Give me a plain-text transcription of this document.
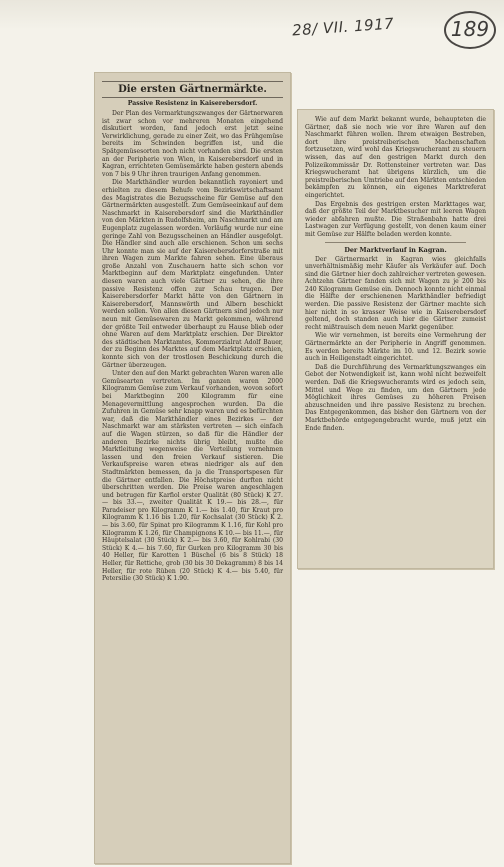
28/ VII. 1917	189
Die ersten Gärtnermärkte.
Passive Resistenz in Kaiserebersdorf.

Der Plan des Vermarktungszwanges der Gärtnerwaren ist zwar schon vor mehreren Monaten eingehend diskutiert worden, fand jedoch erst jetzt seine Verwirklichung, gerade zu einer Zeit, wo das Frühgemüse bereits im Schwinden begriffen ist, und die Spätgemüsesorten noch nicht vorhanden sind. Die ersten an der Peripherie von Wien, in Kaiserebersdorf und in Kagran, errichteten Gemüsemärkte haben gestern abends von 7 bis 9 Uhr ihren traurigen Anfang genommen.

Die Markthändler wurden bekanntlich rayoniert und erhielten zu diesem Behufe vom Bezirkswirtschaftsamt des Magistrates die Bezugsscheine für Gemüse auf den Gärtnermärkten ausgestellt. Zum Gemüseeinkauf auf dem Naschmarkt in Kaiserebersdorf sind die Markthändler von den Märkten in Rudolfsheim, am Naschmarkt und am Eugenplatz zugelassen worden. Vorläufig wurde nur eine geringe Zahl von Bezugsscheinen an Händler ausgefolgt. Die Händler sind auch alle erschienen. Schon um sechs Uhr konnte man sie auf der Kaiserebersdorferstraße mit ihren Wagen zum Markte fahren sehen. Eine überaus große Anzahl von Zuschauern hatte sich schon vor Marktbeginn auf dem Marktplatz eingefunden. Unter diesen waren auch viele Gärtner zu sehen, die ihre passive Resistenz offen zur Schau trugen. Der Kaiserebersdorfer Markt hätte von den Gärtnern in Kaiserebersdorf, Mannswörth und Albern beschickt werden sollen. Von allen diesen Gärtnern sind jedoch nur neun mit Gemüsewaren zu Markt gekommen, während der größte Teil entweder überhaupt zu Hause blieb oder ohne Waren auf dem Marktplatz erschien. Der Direktor des städtischen Marktamtes, Kommerzialrat Adolf Bauer, der zu Beginn des Marktes auf dem Marktplatz erschien, konnte sich von der trostlosen Beschickung durch die Gärtner überzeugen.

Unter den auf den Markt gebrachten Waren waren alle Gemüsearten vertreten. Im ganzen waren 2000 Kilogramm Gemüse zum Verkauf vorhanden, wovon sofort bei Marktbeginn 200 Kilogramm für eine Menagevermittlung angesprochen wurden. Da die Zufuhren in Gemüse sehr knapp waren und es befürchten war, daß die Markthändler eines Bezirkes — der Naschmarkt war am stärksten vertreten — sich einfach auf die Wagen stürzen, so daß für die Händler der anderen Bezirke nichts übrig bleibt, mußte die Marktleitung wegenweise die Verteilung vornehmen lassen und den freien Verkauf sistieren. Die Verkaufspreise waren etwas niedriger als auf den Stadtmärkten bemessen, da ja die Transportspesen für die Gärtner entfallen. Die Höchstpreise durften nicht überschritten werden. Die Preise waren angeschlagen und betrugen für Karfiol erster Qualität (80 Stück) K 27.— bis 33.—, zweiter Qualität K 19.— bis 28.—, für Paradeiser pro Kilogramm K 1.— bis 1.40, für Kraut pro Kilogramm K 1.16 bis 1.20, für Kochsalat (30 Stück) K 2.— bis 3.60, für Spinat pro Kilogramm K 1.16, für Kohl pro Kilogramm K 1.26, für Champignons K 10.— bis 11.—, für Häuptelsalat (30 Stück) K 2.— bis 3.60, für Kohlrabi (30 Stück) K 4.— bis 7.60, für Gurken pro Kilogramm 30 bis 40 Heller, für Karotten 1 Büschel (6 bis 8 Stück) 18 Heller, für Rettiche, grob (30 bis 30 Dekagramm) 8 bis 14 Heller, für rote Rüben (20 Stück) K 4.— bis 5.40, für Petersilie (30 Stück) K 1.90.

Wie auf dem Markt bekannt wurde, behaupteten die Gärtner, daß sie noch wie vor ihre Waren auf den Naschmarkt führen wollen. Ihrem etwaigen Bestreben, dort ihre preistreiberischen Machenschaften fortzusetzen, wird wohl das Kriegswucheramt zu steuern wissen, das auf den gestrigen Markt durch den Polizeikommissär Dr. Rottensteiner vertreten war. Das Kriegswucheramt hat übrigens kürzlich, um die preistreiberischen Umtriebe auf den Märkten entschieden bekämpfen zu können, ein eigenes Marktreferat eingerichtet.

Das Ergebnis des gestrigen ersten Markttages war, daß der größte Teil der Marktbesucher mit leeren Wagen wieder abfahren mußte. Die Straßenbahn hatte drei Lastwagen zur Verfügung gestellt, von denen kaum einer mit Gemüse zur Hälfte beladen werden konnte.

Der Marktverlauf in Kagran.

Der Gärtnermarkt in Kagran wies gleichfalls unverhältnismäßig mehr Käufer als Verkäufer auf. Doch sind die Gärtner hier doch zahlreicher vertreten gewesen. Achtzehn Gärtner fanden sich mit Wagen zu je 200 bis 240 Kilogramm Gemüse ein. Dennoch konnte nicht einmal die Hälfte der erschienenen Markthändler befriedigt werden. Die passive Resistenz der Gärtner machte sich hier nicht in so krasser Weise wie in Kaiserebersdorf geltend, doch standen auch hier die Gärtner zumeist recht mißtrauisch dem neuen Markt gegenüber.

Wie wir vernehmen, ist bereits eine Vermehrung der Gärtnermärkte an der Peripherie in Angriff genommen. Es werden bereits Märkte im 10. und 12. Bezirk sowie auch in Heiligenstadt eingerichtet.

Daß die Durchführung des Vermarktungszwanges ein Gebot der Notwendigkeit ist, kann wohl nicht bezweifelt werden. Daß die Kriegswucheramts wird es jedoch sein, Mittel und Wege zu finden, um den Gärtnern jede Möglichkeit ihres Gemüses zu höheren Preisen abzuschneiden und ihre passive Resistenz zu brechen. Das Entgegenkommen, das bisher den Gärtnern von der Marktbehörde entgegengebracht wurde, muß jetzt ein Ende finden.
